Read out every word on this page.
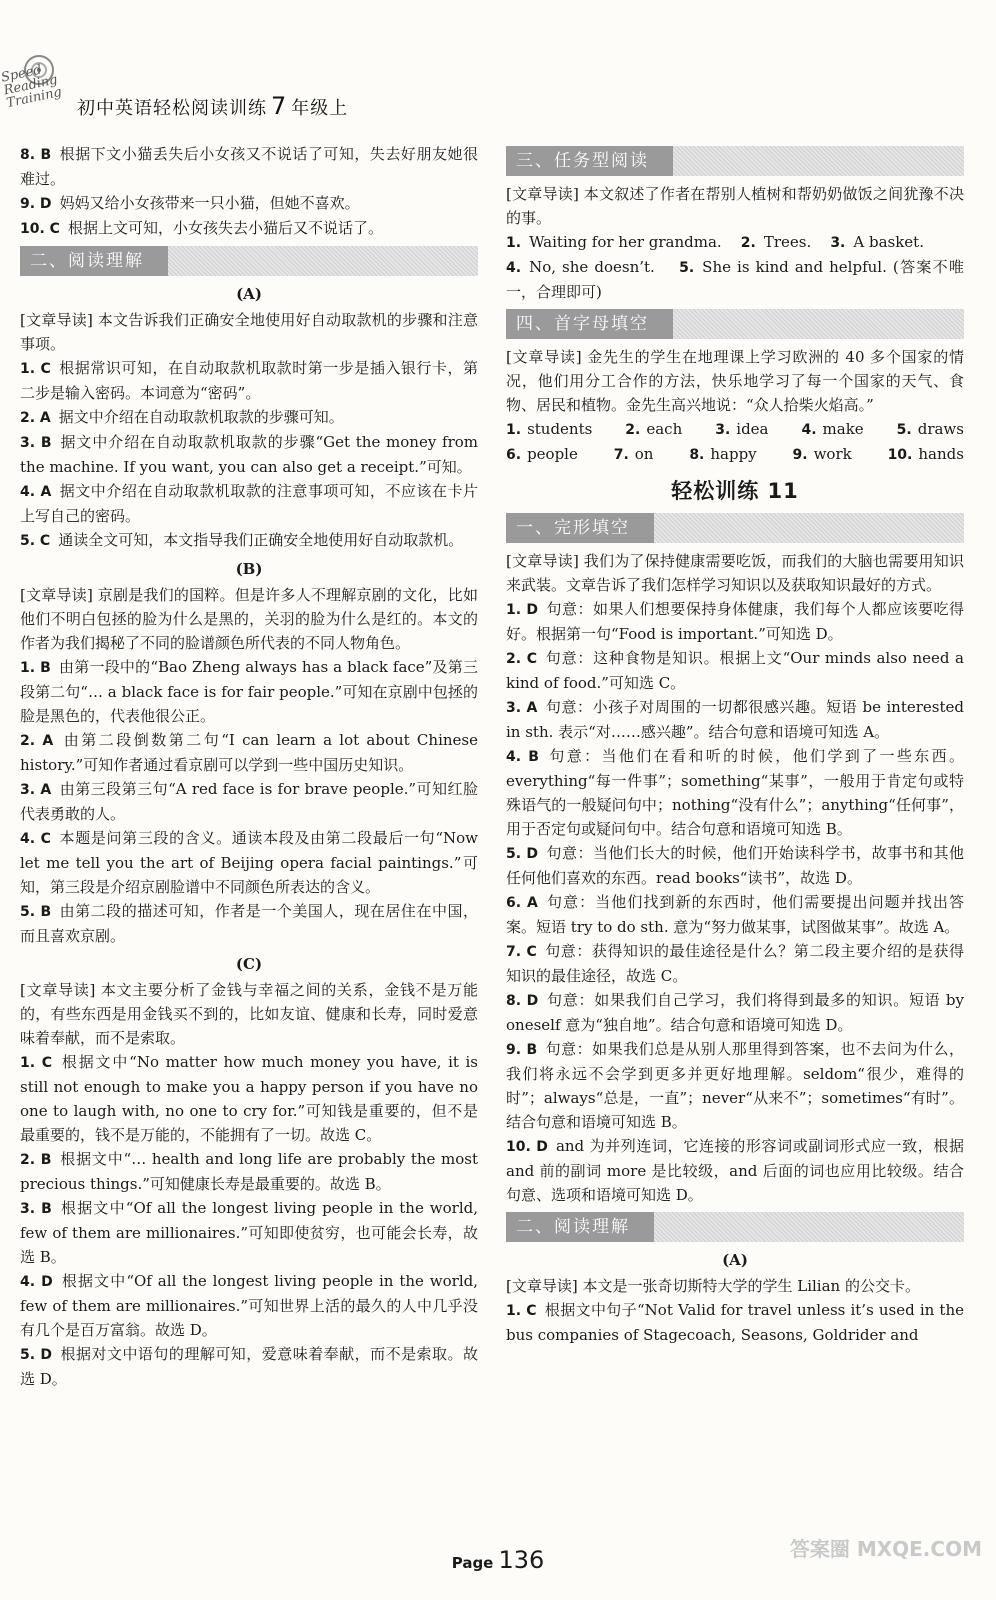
Speed Reading Training 初中英语轻松阅读训练 7 年级上

8. B 根据下文小猫丢失后小女孩又不说话了可知，失去好朋友她很难过。

9. D 妈妈又给小女孩带来一只小猫，但她不喜欢。

10. C 根据上文可知，小女孩失去小猫后又不说话了。

二、阅读理解
(A)

[文章导读] 本文告诉我们正确安全地使用好自动取款机的步骤和注意事项。

1. C 根据常识可知，在自动取款机取款时第一步是插入银行卡，第二步是输入密码。本词意为“密码”。

2. A 据文中介绍在自动取款机取款的步骤可知。

3. B 据文中介绍在自动取款机取款的步骤“Get the money from the machine. If you want, you can also get a receipt.”可知。

4. A 据文中介绍在自动取款机取款的注意事项可知，不应该在卡片上写自己的密码。

5. C 通读全文可知，本文指导我们正确安全地使用好自动取款机。

(B)

[文章导读] 京剧是我们的国粹。但是许多人不理解京剧的文化，比如他们不明白包拯的脸为什么是黑的，关羽的脸为什么是红的。本文的作者为我们揭秘了不同的脸谱颜色所代表的不同人物角色。

1. B 由第一段中的“Bao Zheng always has a black face”及第三段第二句“… a black face is for fair people.”可知在京剧中包拯的脸是黑色的，代表他很公正。

2. A 由第二段倒数第二句“I can learn a lot about Chinese history.”可知作者通过看京剧可以学到一些中国历史知识。

3. A 由第三段第三句“A red face is for brave people.”可知红脸代表勇敢的人。

4. C 本题是问第三段的含义。通读本段及由第二段最后一句“Now let me tell you the art of Beijing opera facial paintings.”可知，第三段是介绍京剧脸谱中不同颜色所表达的含义。

5. B 由第二段的描述可知，作者是一个美国人，现在居住在中国，而且喜欢京剧。

(C)

[文章导读] 本文主要分析了金钱与幸福之间的关系，金钱不是万能的，有些东西是用金钱买不到的，比如友谊、健康和长寿，同时爱意味着奉献，而不是索取。

1. C 根据文中“No matter how much money you have, it is still not enough to make you a happy person if you have no one to laugh with, no one to cry for.”可知钱是重要的，但不是最重要的，钱不是万能的，不能拥有了一切。故选 C。

2. B 根据文中“… health and long life are probably the most precious things.”可知健康长寿是最重要的。故选 B。

3. B 根据文中“Of all the longest living people in the world, few of them are millionaires.”可知即使贫穷，也可能会长寿，故选 B。

4. D 根据文中“Of all the longest living people in the world, few of them are millionaires.”可知世界上活的最久的人中几乎没有几个是百万富翁。故选 D。

5. D 根据对文中语句的理解可知，爱意味着奉献，而不是索取。故选 D。

三、任务型阅读

[文章导读] 本文叙述了作者在帮别人植树和帮奶奶做饭之间犹豫不决的事。

1. Waiting for her grandma. 2. Trees. 3. A basket.

4. No, she doesn’t. 5. She is kind and helpful. (答案不唯一，合理即可)

四、首字母填空

[文章导读] 金先生的学生在地理课上学习欧洲的 40 多个国家的情况，他们用分工合作的方法，快乐地学习了每一个国家的天气、食物、居民和植物。金先生高兴地说：“众人拾柴火焰高。”

1. students 2. each 3. idea 4. make 5. draws
6. people	7. on	8. happy	9. work	10. hands
轻松训练 11
一、完形填空

[文章导读] 我们为了保持健康需要吃饭，而我们的大脑也需要用知识来武装。文章告诉了我们怎样学习知识以及获取知识最好的方式。

1. D 句意：如果人们想要保持身体健康，我们每个人都应该要吃得好。根据第一句“Food is important.”可知选 D。

2. C 句意：这种食物是知识。根据上文“Our minds also need a kind of food.”可知选 C。

3. A 句意：小孩子对周围的一切都很感兴趣。短语 be interested in sth. 表示“对……感兴趣”。结合句意和语境可知选 A。

4. B 句意：当他们在看和听的时候，他们学到了一些东西。everything“每一件事”；something“某事”，一般用于肯定句或特殊语气的一般疑问句中；nothing“没有什么”；anything“任何事”，用于否定句或疑问句中。结合句意和语境可知选 B。

5. D 句意：当他们长大的时候，他们开始读科学书，故事书和其他任何他们喜欢的东西。read books“读书”，故选 D。

6. A 句意：当他们找到新的东西时，他们需要提出问题并找出答案。短语 try to do sth. 意为“努力做某事，试图做某事”。故选 A。

7. C 句意：获得知识的最佳途径是什么？第二段主要介绍的是获得知识的最佳途径，故选 C。

8. D 句意：如果我们自己学习，我们将得到最多的知识。短语 by oneself 意为“独自地”。结合句意和语境可知选 D。

9. B 句意：如果我们总是从别人那里得到答案，也不去问为什么，我们将永远不会学到更多并更好地理解。seldom“很少，难得的时”；always“总是，一直”；never“从来不”；sometimes“有时”。结合句意和语境可知选 B。

10. D and 为并列连词，它连接的形容词或副词形式应一致，根据 and 前的副词 more 是比较级，and 后面的词也应用比较级。结合句意、选项和语境可知选 D。

二、阅读理解
(A)

[文章导读] 本文是一张奇切斯特大学的学生 Lilian 的公交卡。

1. C 根据文中句子“Not Valid for travel unless it’s used in the bus companies of Stagecoach, Seasons, Goldrider and

Page 136	答案圈 MXQE.COM
